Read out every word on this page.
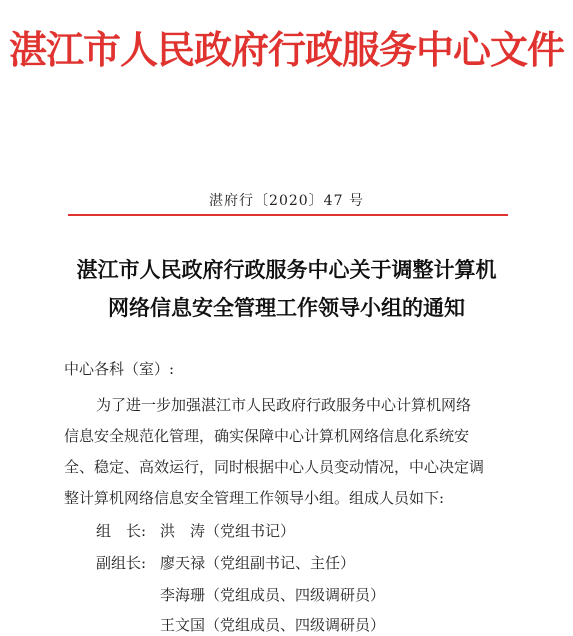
湛江市人民政府行政服务中心文件
湛府行〔2020〕47 号
湛江市人民政府行政服务中心关于调整计算机
网络信息安全管理工作领导小组的通知
中心各科（室）:
为了进一步加强湛江市人民政府行政服务中心计算机网络
信息安全规范化管理，确实保障中心计算机网络信息化系统安
全、稳定、高效运行，同时根据中心人员变动情况，中心决定调
整计算机网络信息安全管理工作领导小组。组成人员如下:
组　长: 洪　涛（党组书记）
副组长: 廖天禄（党组副书记、主任）
李海珊（党组成员、四级调研员）
王文国（党组成员、四级调研员）
